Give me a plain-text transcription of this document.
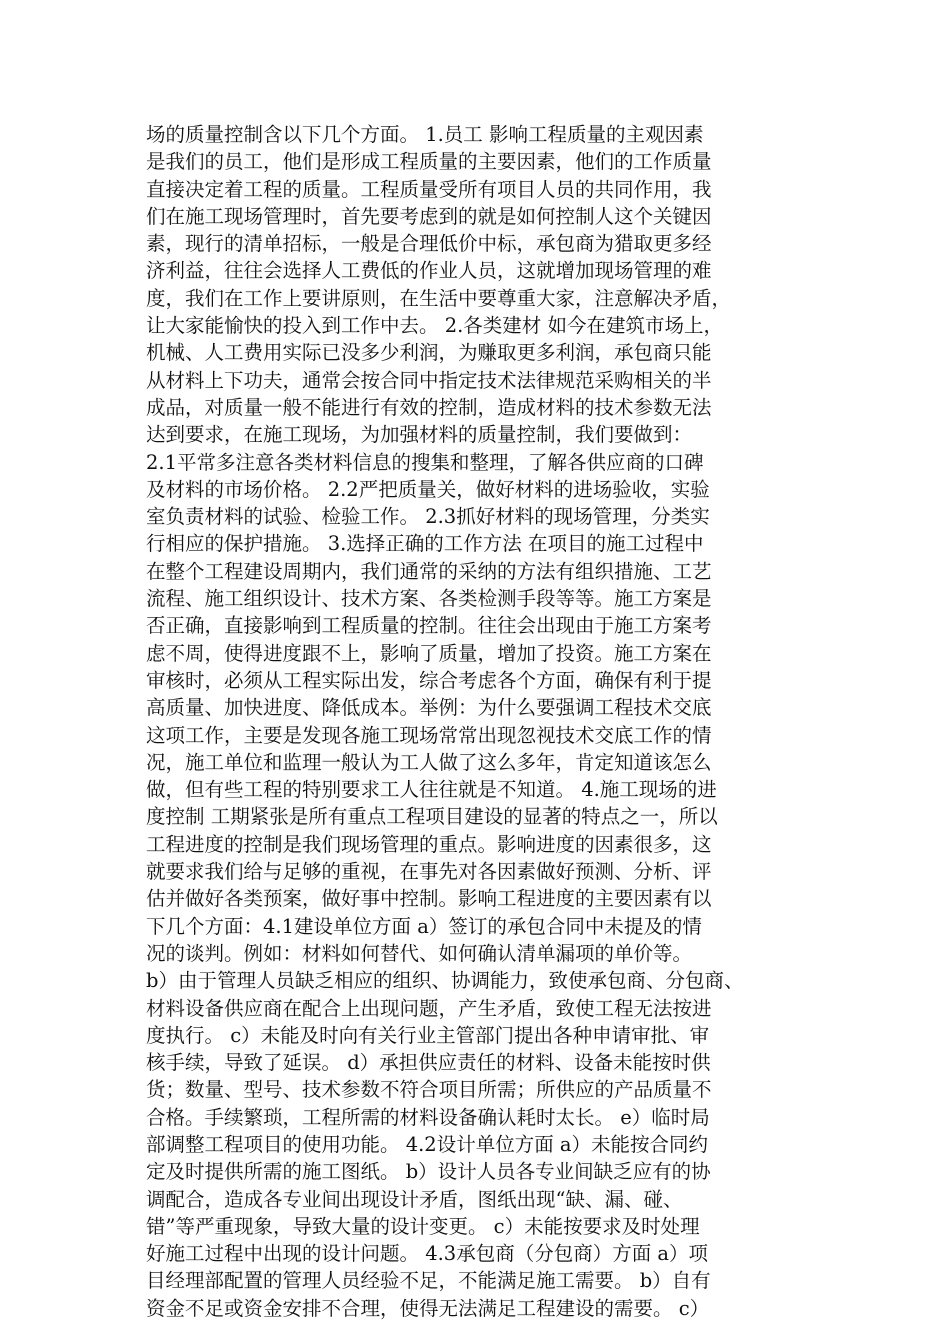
场的质量控制含以下几个方面。 1.员工 影响工程质量的主观因素
是我们的员工，他们是形成工程质量的主要因素，他们的工作质量
直接决定着工程的质量。工程质量受所有项目人员的共同作用，我
们在施工现场管理时，首先要考虑到的就是如何控制人这个关键因
素，现行的清单招标，一般是合理低价中标，承包商为猎取更多经
济利益，往往会选择人工费低的作业人员，这就增加现场管理的难
度，我们在工作上要讲原则，在生活中要尊重大家，注意解决矛盾，
让大家能愉快的投入到工作中去。 2.各类建材 如今在建筑市场上，
机械、人工费用实际已没多少利润，为赚取更多利润，承包商只能
从材料上下功夫，通常会按合同中指定技术法律规范采购相关的半
成品，对质量一般不能进行有效的控制，造成材料的技术参数无法
达到要求，在施工现场，为加强材料的质量控制，我们要做到：
2.1平常多注意各类材料信息的搜集和整理，了解各供应商的口碑
及材料的市场价格。 2.2严把质量关，做好材料的进场验收，实验
室负责材料的试验、检验工作。 2.3抓好材料的现场管理，分类实
行相应的保护措施。 3.选择正确的工作方法 在项目的施工过程中
在整个工程建设周期内，我们通常的采纳的方法有组织措施、工艺
流程、施工组织设计、技术方案、各类检测手段等等。施工方案是
否正确，直接影响到工程质量的控制。往往会出现由于施工方案考
虑不周，使得进度跟不上，影响了质量，增加了投资。施工方案在
审核时，必须从工程实际出发，综合考虑各个方面，确保有利于提
高质量、加快进度、降低成本。举例：为什么要强调工程技术交底
这项工作，主要是发现各施工现场常常出现忽视技术交底工作的情
况，施工单位和监理一般认为工人做了这么多年，肯定知道该怎么
做，但有些工程的特别要求工人往往就是不知道。 4.施工现场的进
度控制 工期紧张是所有重点工程项目建设的显著的特点之一，所以
工程进度的控制是我们现场管理的重点。影响进度的因素很多，这
就要求我们给与足够的重视，在事先对各因素做好预测、分析、评
估并做好各类预案，做好事中控制。影响工程进度的主要因素有以
下几个方面：4.1建设单位方面 a）签订的承包合同中未提及的情
况的谈判。例如：材料如何替代、如何确认清单漏项的单价等。
b）由于管理人员缺乏相应的组织、协调能力，致使承包商、分包商、
材料设备供应商在配合上出现问题，产生矛盾，致使工程无法按进
度执行。 c）未能及时向有关行业主管部门提出各种申请审批、审
核手续，导致了延误。 d）承担供应责任的材料、设备未能按时供
货；数量、型号、技术参数不符合项目所需；所供应的产品质量不
合格。手续繁琐，工程所需的材料设备确认耗时太长。 e）临时局
部调整工程项目的使用功能。 4.2设计单位方面 a）未能按合同约
定及时提供所需的施工图纸。 b）设计人员各专业间缺乏应有的协
调配合，造成各专业间出现设计矛盾，图纸出现“缺、漏、碰、
错”等严重现象，导致大量的设计变更。 c）未能按要求及时处理
好施工过程中出现的设计问题。 4.3承包商（分包商）方面 a）项
目经理部配置的管理人员经验不足，不能满足施工需要。 b）自有
资金不足或资金安排不合理，使得无法满足工程建设的需要。 c）
